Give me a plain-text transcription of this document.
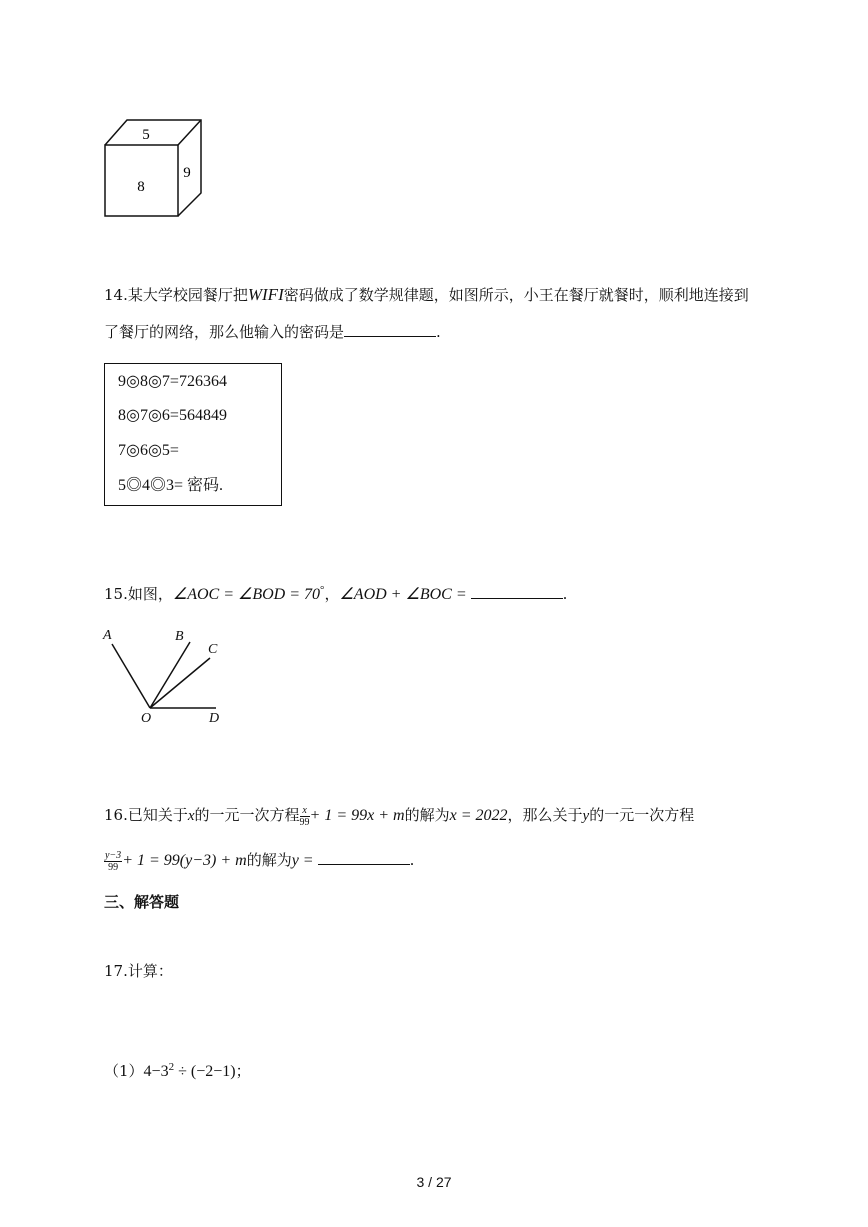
5
8
9
14.某大学校园餐厅把WIFI密码做成了数学规律题，如图所示，小王在餐厅就餐时，顺利地连接到
了餐厅的网络，那么他输入的密码是	.
9◎8◎7=726364
8◎7◎6=564849
7◎6◎5=
5◎4◎3= 密码.
15.如图，∠AOC = ∠BOD = 70°，∠AOD + ∠BOC =	.
A	B
C
O	D
16.已知关于x的一元一次方程 $\frac{x}{99} + 1 = 99x + m$的解为x = 2022，那么关于y的一元一次方程
$\frac{y-3}{99} + 1 = 99(y-3) + m$的解为y =	.
三、解答题
17.计算：
$(1)4-3^2 \div (-2-1)$；
3 / 27
